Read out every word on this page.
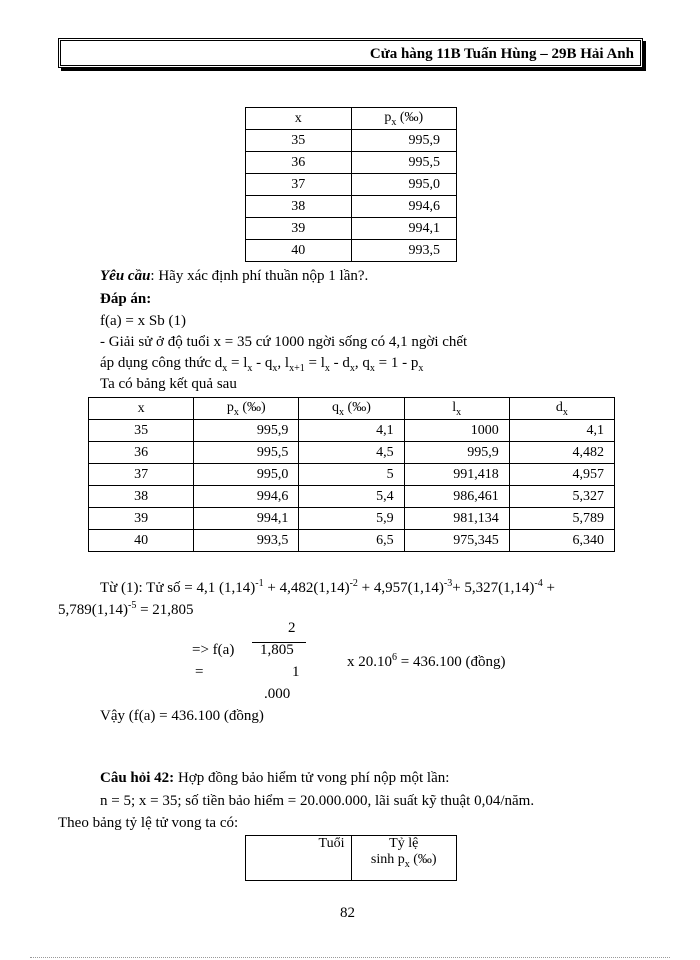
Cửa hàng 11B Tuấn Hùng – 29B Hải Anh
x	$p_x$ (‰)
35	995,9
36	995,5
37	995,0
38	994,6
39	994,1
40	993,5
Yêu cầu: Hãy xác định phí thuần nộp 1 lần?.
Đáp án:
f(a) = x Sb (1)
- Giải sử ở độ tuổi x = 35 cứ 1000 ngời sống có 4,1 ngời chết
áp dụng công thức $d_x = l_x - q_x$, $l_{x+1} = l_x - d_x$, $q_x = 1 - p_x$
Ta có bảng kết quả sau
x	$p_x$ (‰)	$q_x$ (‰)	$l_x$	$d_x$
35	995,9	4,1	1000	4,1
36	995,5	4,5	995,9	4,482
37	995,0	5	991,418	4,957
38	994,6	5,4	986,461	5,327
39	994,1	5,9	981,134	5,789
40	993,5	6,5	975,345	6,340
Từ (1): Tử số = 4,1 $(1,14)^{-1} + 4,482(1,14)^{-2} + 4,957(1,14)^{-3}+ 5,327(1,14)^{-4}$ +
$5,789(1,14)^{-5} = 21,805$
2
=> f(a) 1,805
x $20.10^6 = 436.100$ (đồng)
=	1
.000
Vậy (f(a) = 436.100 (đồng)
Câu hỏi 42: Hợp đồng bảo hiểm tử vong phí nộp một lần:
n = 5; x = 35; số tiền bảo hiểm = 20.000.000, lãi suất kỹ thuật 0,04/năm.
Theo bảng tỷ lệ tử vong ta có:
Tuổi	Tỷ lệ
$\sinh p_x$ (‰)
82
